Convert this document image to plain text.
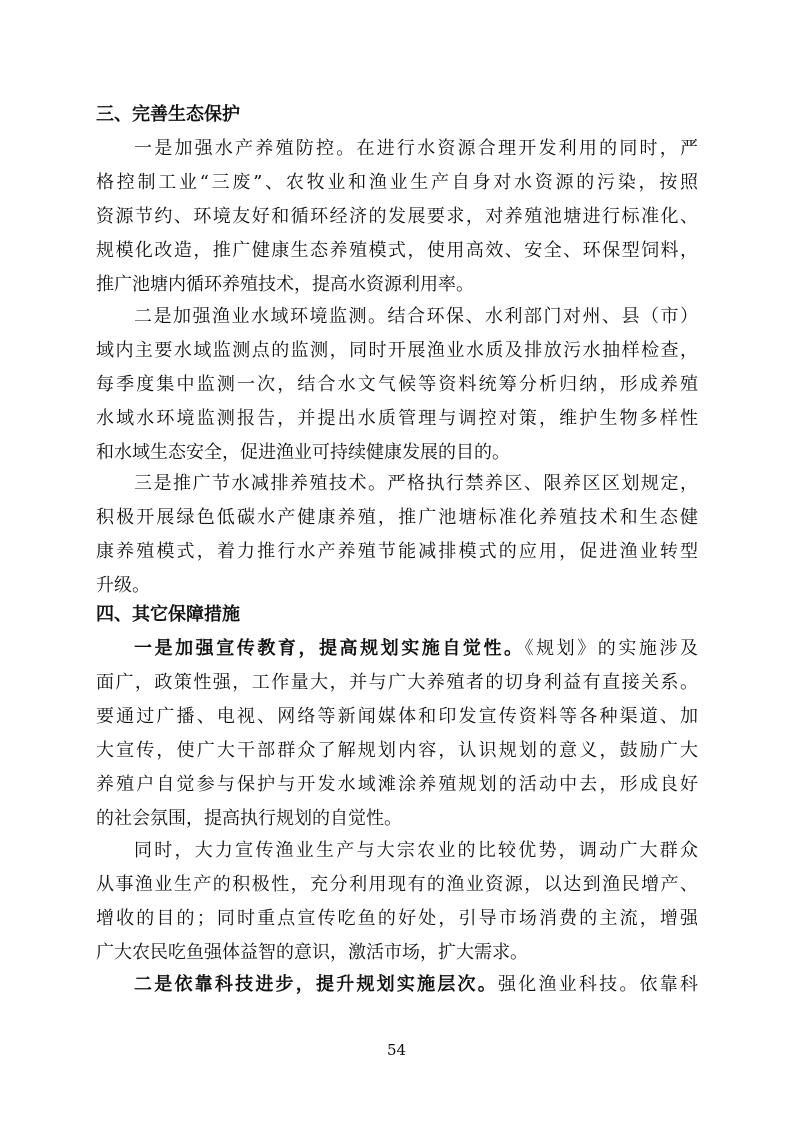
三、完善生态保护
一是加强水产养殖防控。在进行水资源合理开发利用的同时，严
格控制工业“三废”、农牧业和渔业生产自身对水资源的污染，按照
资源节约、环境友好和循环经济的发展要求，对养殖池塘进行标准化、
规模化改造，推广健康生态养殖模式，使用高效、安全、环保型饲料，
推广池塘内循环养殖技术，提高水资源利用率。
二是加强渔业水域环境监测。结合环保、水利部门对州、县（市）
域内主要水域监测点的监测，同时开展渔业水质及排放污水抽样检查，
每季度集中监测一次，结合水文气候等资料统筹分析归纳，形成养殖
水域水环境监测报告，并提出水质管理与调控对策，维护生物多样性
和水域生态安全，促进渔业可持续健康发展的目的。
三是推广节水减排养殖技术。严格执行禁养区、限养区区划规定，
积极开展绿色低碳水产健康养殖，推广池塘标准化养殖技术和生态健
康养殖模式，着力推行水产养殖节能减排模式的应用，促进渔业转型
升级。
四、其它保障措施
一是加强宣传教育，提高规划实施自觉性。《规划》的实施涉及
面广，政策性强，工作量大，并与广大养殖者的切身利益有直接关系。
要通过广播、电视、网络等新闻媒体和印发宣传资料等各种渠道、加
大宣传，使广大干部群众了解规划内容，认识规划的意义，鼓励广大
养殖户自觉参与保护与开发水域滩涂养殖规划的活动中去，形成良好
的社会氛围，提高执行规划的自觉性。
同时，大力宣传渔业生产与大宗农业的比较优势，调动广大群众
从事渔业生产的积极性，充分利用现有的渔业资源，以达到渔民增产、
增收的目的；同时重点宣传吃鱼的好处，引导市场消费的主流，增强
广大农民吃鱼强体益智的意识，激活市场，扩大需求。
二是依靠科技进步，提升规划实施层次。强化渔业科技。依靠科
54
